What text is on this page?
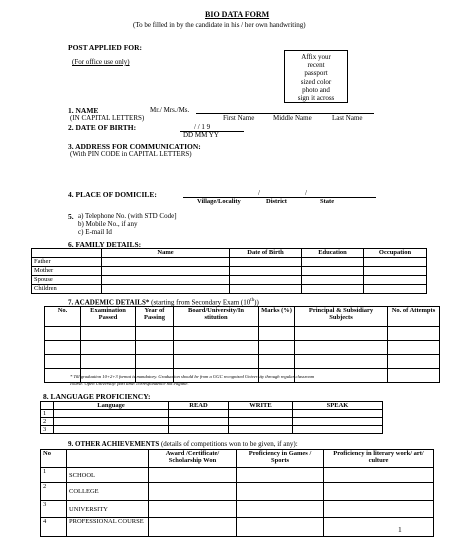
BIO DATA FORM
(To be filled in by the candidate in his / her own handwriting)
POST APPLIED FOR:
(For office use only)
Affix your
recent
passport
sized color
photo and
sign it across
1. NAME	Mr./ Mrs./Ms.
(IN CAPITAL LETTERS)	First Name	Middle Name	Last Name
2. DATE OF BIRTH:	/ / 1 9
DD MM YY
3. ADDRESS FOR COMMUNICATION:
(With PIN CODE in CAPITAL LETTERS)
4. PLACE OF DOMICILE:	/	/
Village/Locality	District	State
5. a) Telephone No. (with STD Code]
b) Mobile No., if any
c) E-mail Id
6. FAMILY DETAILS:
	Name	Date of Birth	Education	Occupation
Father				
Mother				
Spouse				
Children				
7. ACADEMIC DETAILS* (starting from Secondary Exam (10th))
No.	Examination Passed	Year of Passing	Board/University/In stitution	Marks (%)	Principal & Subsidiary Subjects	No. of Attempts

* Till graduation 10+2+3 format is mandatory. Graduation should be from a UGC recognized University through regular classroom
course. Open University/ part time/ correspondence not eligible.
8. LANGUAGE PROFICIENCY:
	Language	READ	WRITE	SPEAK
1				
2				
3				
9. OTHER ACHIEVEMENTS (details of competitions won to be given, if any):
No		Award /Certificate/ Scholarship Won	Proficiency in Games / Sports	Proficiency in literary work/ art/ culture
1	SCHOOL			
2	COLLEGE			
3	UNIVERSITY			
4	PROFESSIONAL COURSE			
1
